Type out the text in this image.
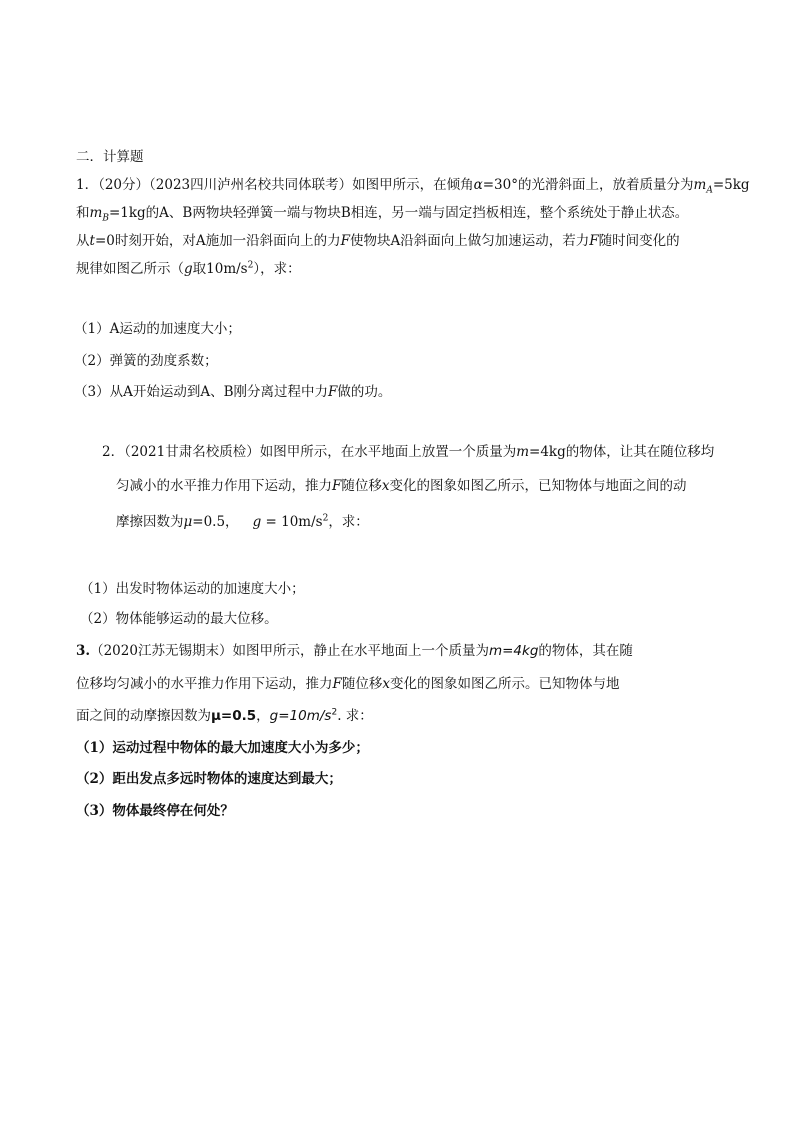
二．计算题
1．（20分）（2023四川泸州名校共同体联考）如图甲所示，在倾角α=30°的光滑斜面上，放着质量分为$m_A=5kg$
和$m_B=1kg$的A、B两物块轻弹簧一端与物块B相连，另一端与固定挡板相连，整个系统处于静止状态。
从t=0时刻开始，对A施加一沿斜面向上的力F使物块A沿斜面向上做匀加速运动，若力F随时间变化的
规律如图乙所示（g取$10m/s^2$），求：
（1）A运动的加速度大小；
（2）弹簧的劲度系数；
（3）从A开始运动到A、B刚分离过程中力F做的功。
2．（2021甘肃名校质检）如图甲所示，在水平地面上放置一个质量为m=4kg的物体，让其在随位移均
匀减小的水平推力作用下运动，推力F随位移x变化的图象如图乙所示，已知物体与地面之间的动
摩擦因数为μ=0.5， $g = 10m/s^2$，求：
（1）出发时物体运动的加速度大小；
（2）物体能够运动的最大位移。
3.（2020江苏无锡期末）如图甲所示，静止在水平地面上一个质量为m=4kg的物体，其在随
位移均匀减小的水平推力作用下运动，推力F随位移x变化的图象如图乙所示。已知物体与地
面之间的动摩擦因数为μ=0.5，$g=10m/s^2$. 求：
（1）运动过程中物体的最大加速度大小为多少；
（2）距出发点多远时物体的速度达到最大；
（3）物体最终停在何处？
